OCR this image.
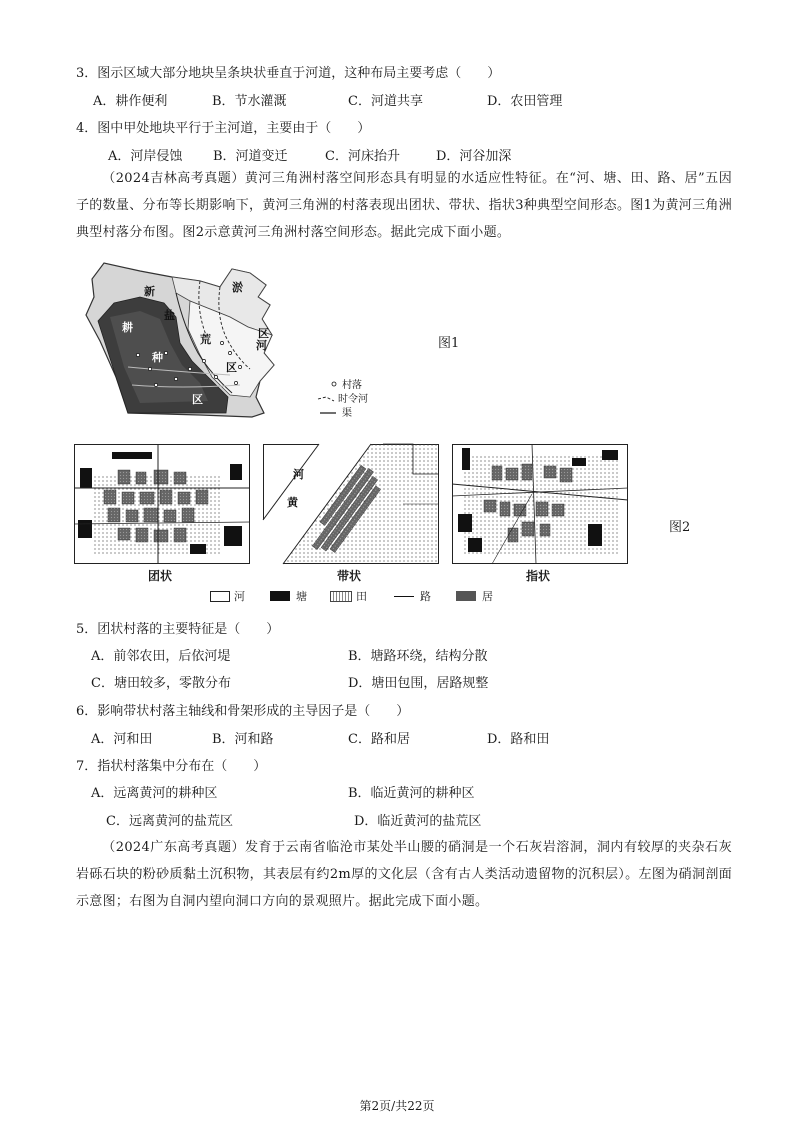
3．图示区域大部分地块呈条块状垂直于河道，这种布局主要考虑（　　）
A．耕作便利	B．节水灌溉	C．河道共享	D．农田管理
4．图中甲处地块平行于主河道，主要由于（　　）
A．河岸侵蚀 B．河道变迁	C．河床抬升	D．河谷加深
（2024吉林高考真题）黄河三角洲村落空间形态具有明显的水适应性特征。在“河、塘、田、路、居”五因子的数量、分布等长期影响下，黄河三角洲的村落表现出团状、带状、指状3种典型空间形态。图1为黄河三角洲典型村落分布图。图2示意黄河三角洲村落空间形态。据此完成下面小题。
新	淤
区
盐
荒
区
耕
种
区
河
村落
时令河
渠
图1
团状
河
黄
带状	指状
图2
河	塘	田	路	居
5．团状村落的主要特征是（　　）
A．前邻农田，后依河堤	B．塘路环绕，结构分散
C．塘田较多，零散分布	D．塘田包围，居路规整
6．影响带状村落主轴线和骨架形成的主导因子是（　　）
A．河和田	B．河和路	C．路和居	D．路和田
7．指状村落集中分布在（　　）
A．远离黄河的耕种区	B．临近黄河的耕种区
C．远离黄河的盐荒区	D．临近黄河的盐荒区
（2024广东高考真题）发育于云南省临沧市某处半山腰的硝洞是一个石灰岩溶洞，洞内有较厚的夹杂石灰岩砾石块的粉砂质黏土沉积物，其表层有约2m厚的文化层（含有古人类活动遗留物的沉积层）。左图为硝洞剖面示意图；右图为自洞内望向洞口方向的景观照片。据此完成下面小题。
第2页/共22页
